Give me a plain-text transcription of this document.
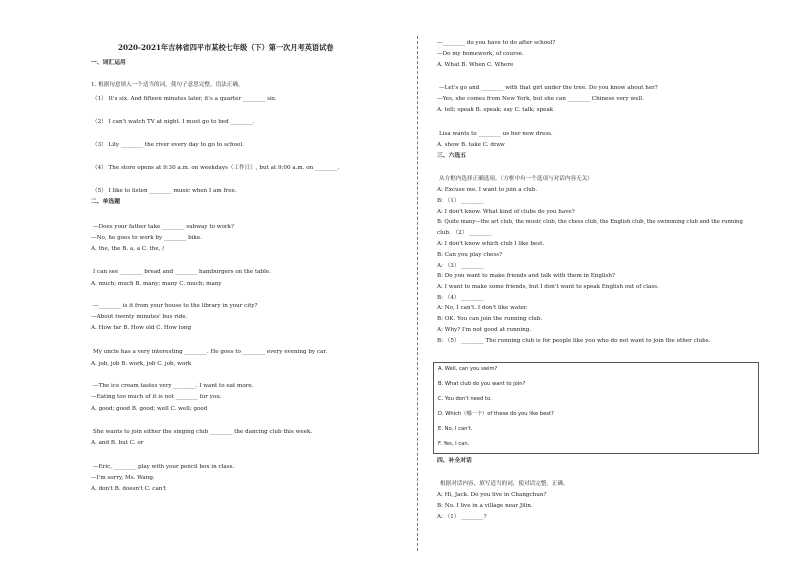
2020-2021年吉林省四平市某校七年级（下）第一次月考英语试卷
一、词汇运用
1. 根据句意填入一个适当的词，使句子意思完整。语法正确。
（1） It's six. And fifteen minutes later, it's a quarter ________ six.
（2） I can't watch TV at night. I must go to bed ________.
（3） Lily ________ the river every day to go to school.
（4） The store opens at 9:30 a.m. on weekdays（工作日）, but at 9:00 a.m. on ________.
（5） I like to listen ________ music when I am free.
二、单选题
—Does your father take ________ subway to work?
—No, he goes to work by ________ bike.
A. the, the B. a, a C. the, /
I can see ________ bread and ________ hamburgers on the table.
A. much; much B. many; many C. much; many
—________ is it from your house to the library in your city?
—About twenty minutes' bus ride.
A. How far B. How old C. How long
My uncle has a very interesting ________. He goes to ________ every evening by car.
A. job, job B. work, job C. job, work
—The ice cream tastes very ________. I want to eat more.
—Eating too much of it is not ________ for you.
A. good; good B. good; well C. well; good
She wants to join either the singing club ________ the dancing club this week.
A. and B. but C. or
—Eric, ________ play with your pencil box in class.
—I'm sorry, Ms. Wang.
A. don't B. doesn't C. can't
—________ do you have to do after school?
—Do my homework, of course.
A. What B. When C. Where
—Let's go and ________ with that girl under the tree. Do you know about her?
—Yes, she comes from New York, but she can ________ Chinese very well.
A. tell; speak B. speak; say C. talk; speak
Lisa wants to ________ us her new dress.
A. show B. take C. draw
三、六选五
从方框内选择正确选项。（方框中有一个选项与对话内容无关）
A: Excuse me. I want to join a club.
B: （1） ________
A: I don't know. What kind of clubs do you have?
B: Quite many—the art club, the music club, the chess club, the English club, the swimming club and the running
club. （2） ________
A: I don't know which club I like best.
B: Can you play chess?
A: （3） ________
B: Do you want to make friends and talk with them in English?
A: I want to make some friends, but I don't want to speak English out of class.
B: （4） ________
A: No, I can't. I don't like water.
B: OK. You can join the running club.
A: Why? I'm not good at running.
B: （5） ________ The running club is for people like you who do not want to join the other clubs.
A. Well, can you swim?
B. What club do you want to join?
C. You don't need to.
D. Which（哪一个）of these do you like best?
E. No, I can't.
F. Yes, I can.
四、补全对话
根据对话内容，填写适当的词，使对话完整。正确。
A: Hi, Jack. Do you live in Changchun?
B: No. I live in a village near Jilin.
A: （1） ________?
